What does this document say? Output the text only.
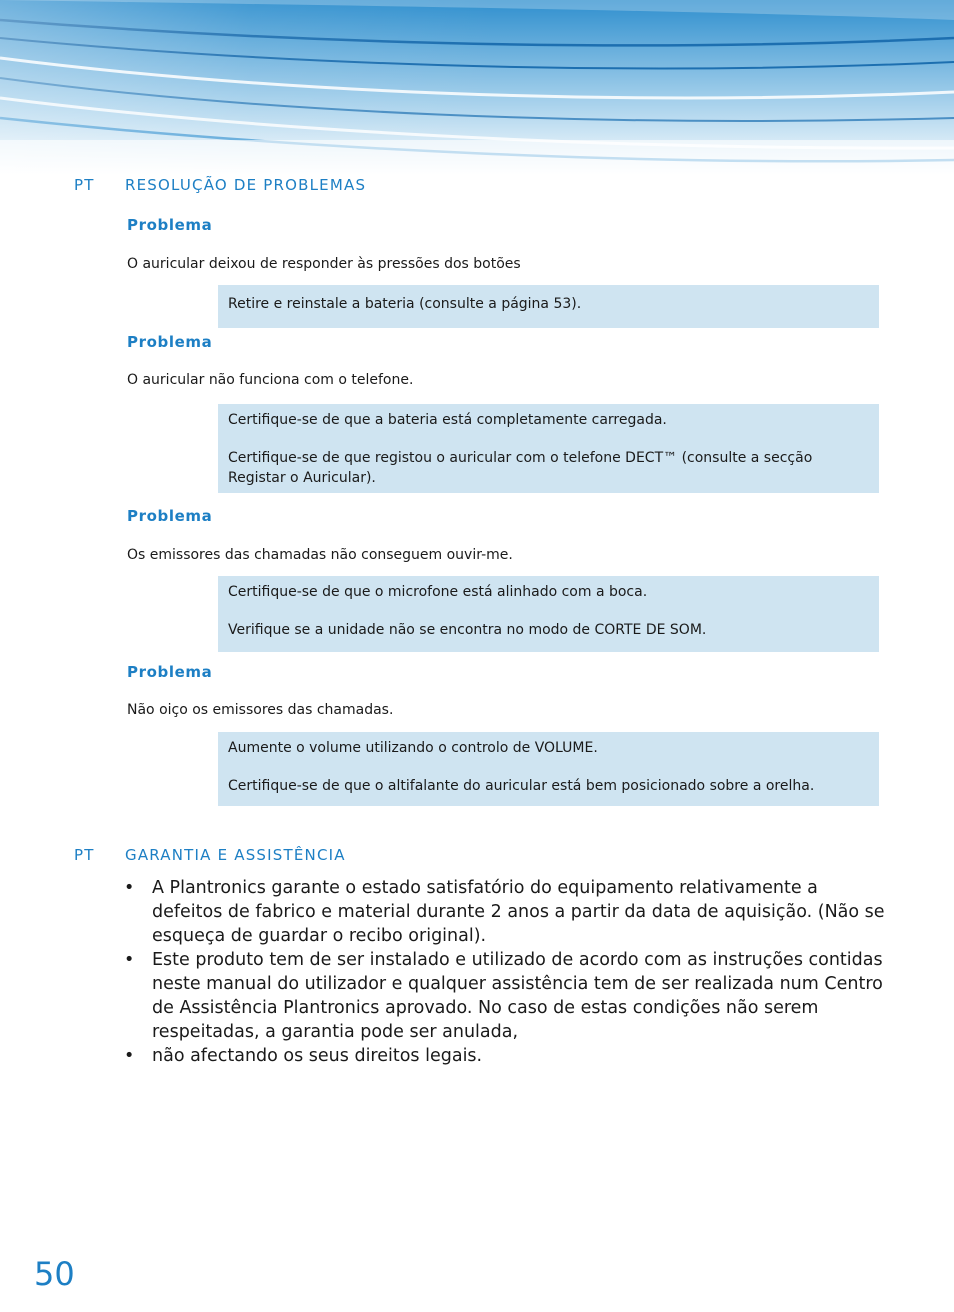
PT RESOLUÇÃO DE PROBLEMAS
Problema
O auricular deixou de responder às pressões dos botões

Retire e reinstale a bateria (consulte a página 53).

Problema
O auricular não funciona com o telefone.

Certifique-se de que a bateria está completamente carregada.

Certifique-se de que registou o auricular com o telefone DECT™ (consulte a secção Registar o Auricular).

Problema
Os emissores das chamadas não conseguem ouvir-me.

Certifique-se de que o microfone está alinhado com a boca.

Verifique se a unidade não se encontra no modo de CORTE DE SOM.

Problema
Não oiço os emissores das chamadas.

Aumente o volume utilizando o controlo de VOLUME.

Certifique-se de que o altifalante do auricular está bem posicionado sobre a orelha.

PT GARANTIA E ASSISTÊNCIA
• A Plantronics garante o estado satisfatório do equipamento relativamente a defeitos de fabrico e material durante 2 anos a partir da data de aquisição. (Não se esqueça de guardar o recibo original).
• Este produto tem de ser instalado e utilizado de acordo com as instruções contidas neste manual do utilizador e qualquer assistência tem de ser realizada num Centro de Assistência Plantronics aprovado. No caso de estas condições não serem respeitadas, a garantia pode ser anulada,
• não afectando os seus direitos legais.
50
